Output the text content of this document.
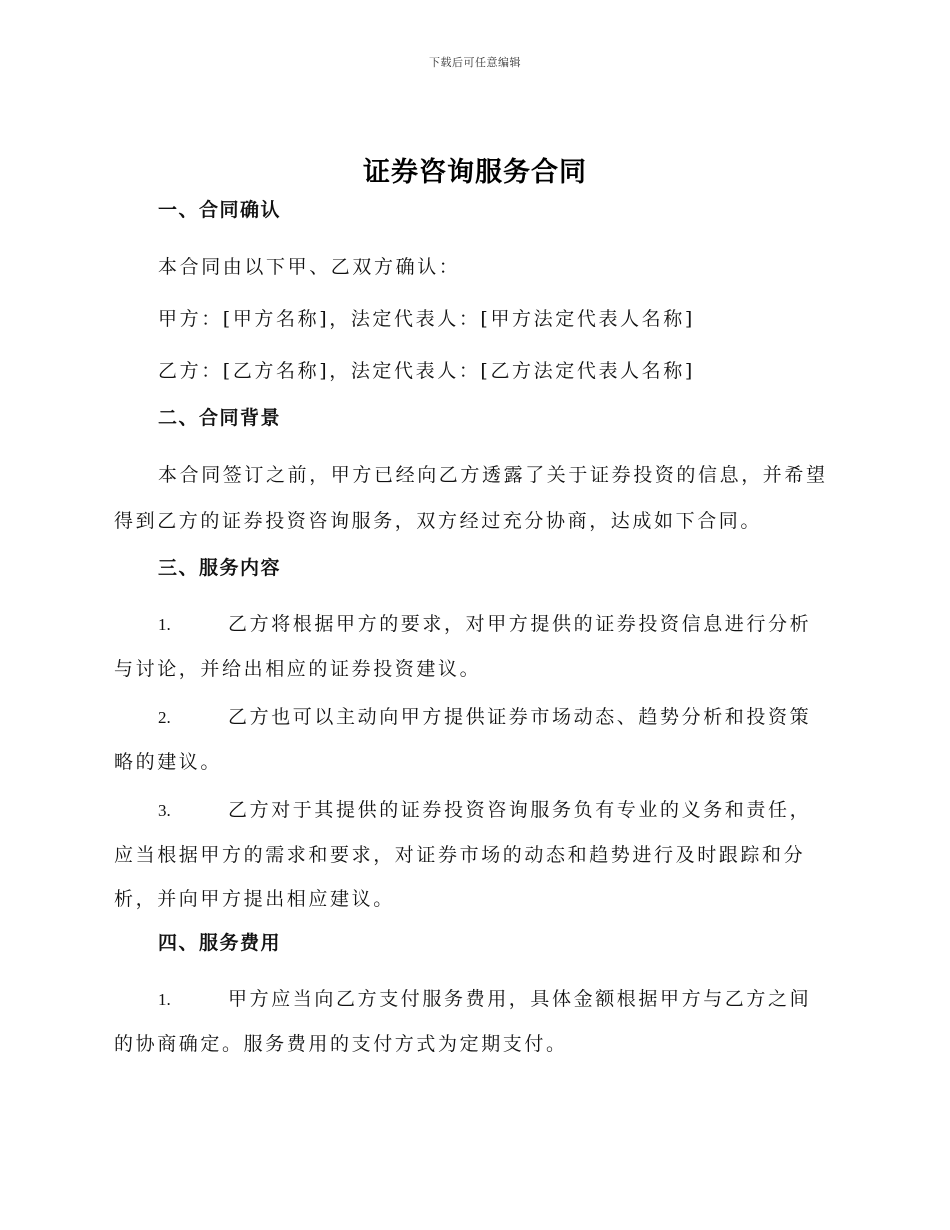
下载后可任意编辑
证券咨询服务合同
一、合同确认

本合同由以下甲、乙双方确认：

甲方：[甲方名称]，法定代表人：[甲方法定代表人名称]

乙方：[乙方名称]，法定代表人：[乙方法定代表人名称]

二、合同背景

本合同签订之前，甲方已经向乙方透露了关于证券投资的信息，并希望得到乙方的证券投资咨询服务，双方经过充分协商，达成如下合同。

三、服务内容

1.	乙方将根据甲方的要求，对甲方提供的证券投资信息进行分析与讨论，并给出相应的证券投资建议。

2.	乙方也可以主动向甲方提供证券市场动态、趋势分析和投资策略的建议。

3.	乙方对于其提供的证券投资咨询服务负有专业的义务和责任，应当根据甲方的需求和要求，对证券市场的动态和趋势进行及时跟踪和分析，并向甲方提出相应建议。

四、服务费用

1.	甲方应当向乙方支付服务费用，具体金额根据甲方与乙方之间的协商确定。服务费用的支付方式为定期支付。
